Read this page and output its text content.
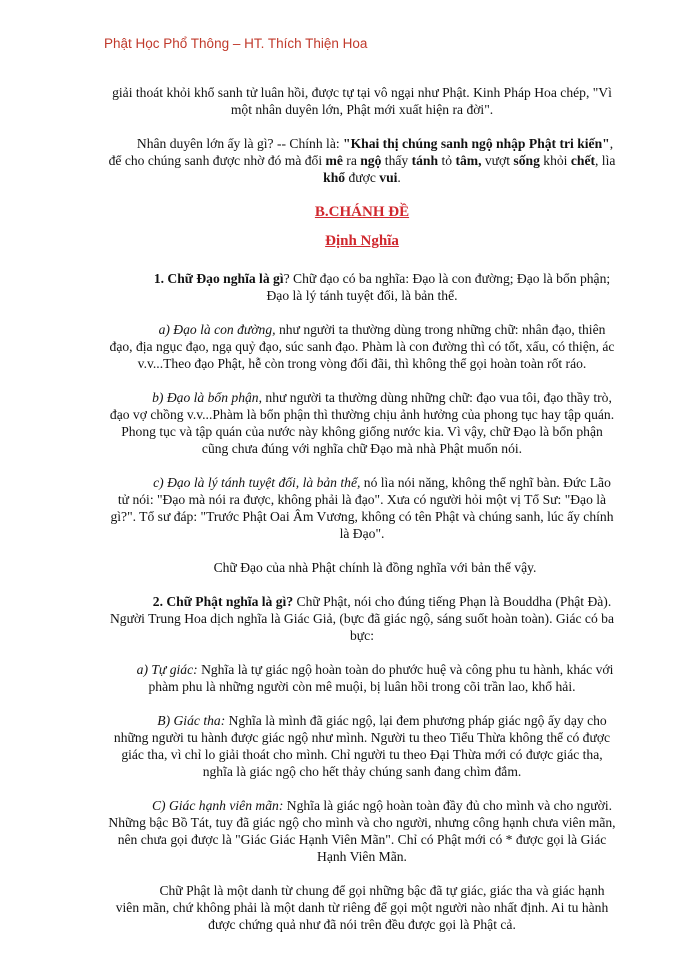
Phật Học Phổ Thông – HT. Thích Thiện Hoa

giải thoát khỏi khổ sanh tử luân hồi, được tự tại vô ngại như Phật. Kinh Pháp Hoa chép, "Vì một nhân duyên lớn, Phật mới xuất hiện ra đời".

Nhân duyên lớn ấy là gì? -- Chính là: "Khai thị chúng sanh ngộ nhập Phật tri kiến", để cho chúng sanh được nhờ đó mà đổi mê ra ngộ thấy tánh tỏ tâm, vượt sống khỏi chết, lìa khổ được vui.

B.CHÁNH ĐỀ
Định Nghĩa

1. Chữ Đạo nghĩa là gì? Chữ đạo có ba nghĩa: Đạo là con đường; Đạo là bổn phận; Đạo là lý tánh tuyệt đối, là bản thể.

a) Đạo là con đường, như người ta thường dùng trong những chữ: nhân đạo, thiên đạo, địa ngục đạo, ngạ quỷ đạo, súc sanh đạo. Phàm là con đường thì có tốt, xấu, có thiện, ác v.v...Theo đạo Phật, hễ còn trong vòng đối đãi, thì không thể gọi hoàn toàn rốt ráo.

b) Đạo là bổn phận, như người ta thường dùng những chữ: đạo vua tôi, đạo thầy trò, đạo vợ chồng v.v...Phàm là bổn phận thì thường chịu ảnh hưởng của phong tục hay tập quán. Phong tục và tập quán của nước này không giống nước kia. Vì vậy, chữ Đạo là bổn phận cũng chưa đúng với nghĩa chữ Đạo mà nhà Phật muốn nói.

c) Đạo là lý tánh tuyệt đối, là bản thể, nó lìa nói năng, không thể nghĩ bàn. Đức Lão tử nói: "Đạo mà nói ra được, không phải là đạo". Xưa có người hỏi một vị Tổ Sư: "Đạo là gì?". Tổ sư đáp: "Trước Phật Oai Âm Vương, không có tên Phật và chúng sanh, lúc ấy chính là Đạo".

Chữ Đạo của nhà Phật chính là đồng nghĩa với bản thể vậy.

2. Chữ Phật nghĩa là gì? Chữ Phật, nói cho đúng tiếng Phạn là Bouddha (Phật Đà). Người Trung Hoa dịch nghĩa là Giác Giả, (bực đã giác ngộ, sáng suốt hoàn toàn). Giác có ba bực:

a) Tự giác: Nghĩa là tự giác ngộ hoàn toàn do phước huệ và công phu tu hành, khác với phàm phu là những người còn mê muội, bị luân hồi trong cõi trần lao, khổ hải.

B) Giác tha: Nghĩa là mình đã giác ngộ, lại đem phương pháp giác ngộ ấy dạy cho những người tu hành được giác ngộ như mình. Người tu theo Tiểu Thừa không thể có được giác tha, vì chỉ lo giải thoát cho mình. Chỉ người tu theo Đại Thừa mới có được giác tha, nghĩa là giác ngộ cho hết thảy chúng sanh đang chìm đắm.

C) Giác hạnh viên mãn: Nghĩa là giác ngộ hoàn toàn đầy đủ cho mình và cho người. Những bậc Bồ Tát, tuy đã giác ngộ cho mình và cho người, nhưng công hạnh chưa viên mãn, nên chưa gọi được là "Giác Giác Hạnh Viên Mãn". Chỉ có Phật mới có * được gọi là Giác Hạnh Viên Mãn.

Chữ Phật là một danh từ chung để gọi những bậc đã tự giác, giác tha và giác hạnh viên mãn, chứ không phải là một danh từ riêng để gọi một người nào nhất định. Ai tu hành được chứng quả như đã nói trên đều được gọi là Phật cả.
